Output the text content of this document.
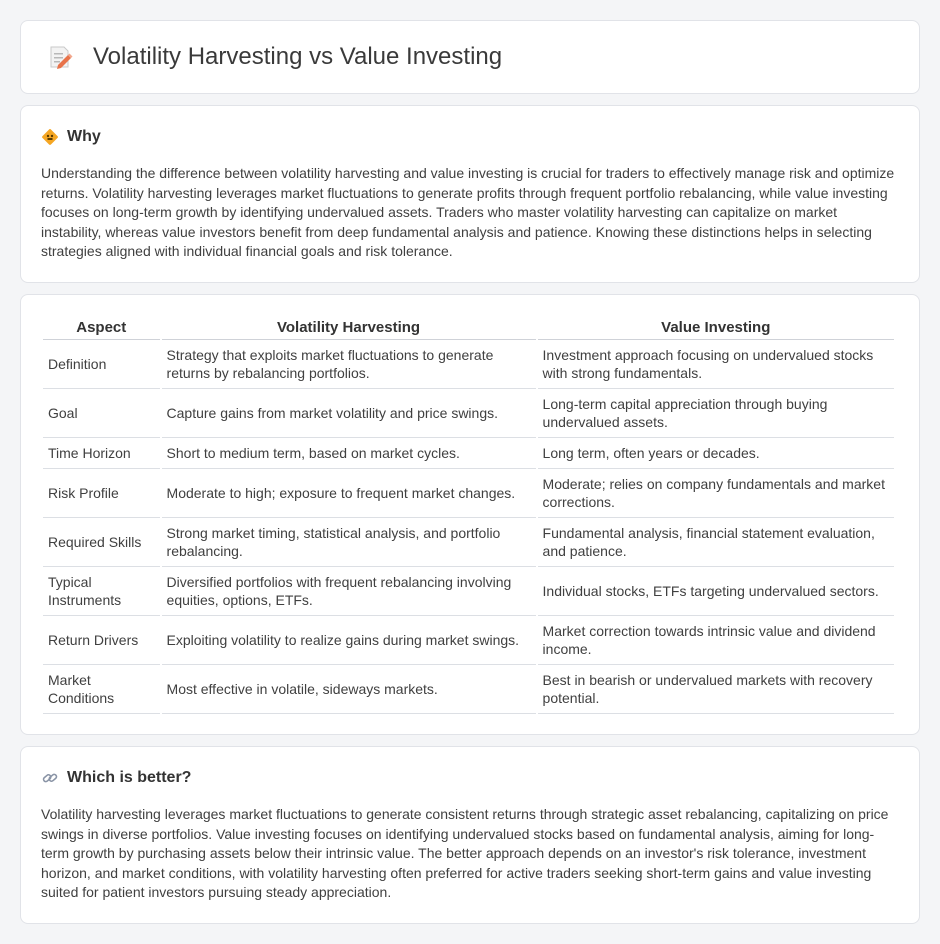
Volatility Harvesting vs Value Investing
Why

Understanding the difference between volatility harvesting and value investing is crucial for traders to effectively manage risk and optimize returns. Volatility harvesting leverages market fluctuations to generate profits through frequent portfolio rebalancing, while value investing focuses on long-term growth by identifying undervalued assets. Traders who master volatility harvesting can capitalize on market instability, whereas value investors benefit from deep fundamental analysis and patience. Knowing these distinctions helps in selecting strategies aligned with individual financial goals and risk tolerance.

Aspect	Volatility Harvesting	Value Investing
Definition	Strategy that exploits market fluctuations to generate returns by rebalancing portfolios.	Investment approach focusing on undervalued stocks with strong fundamentals.
Goal	Capture gains from market volatility and price swings.	Long-term capital appreciation through buying undervalued assets.
Time Horizon	Short to medium term, based on market cycles.	Long term, often years or decades.
Risk Profile	Moderate to high; exposure to frequent market changes.	Moderate; relies on company fundamentals and market corrections.
Required Skills	Strong market timing, statistical analysis, and portfolio rebalancing.	Fundamental analysis, financial statement evaluation, and patience.
Typical Instruments	Diversified portfolios with frequent rebalancing involving equities, options, ETFs.	Individual stocks, ETFs targeting undervalued sectors.
Return Drivers	Exploiting volatility to realize gains during market swings.	Market correction towards intrinsic value and dividend income.
Market Conditions	Most effective in volatile, sideways markets.	Best in bearish or undervalued markets with recovery potential.
Which is better?

Volatility harvesting leverages market fluctuations to generate consistent returns through strategic asset rebalancing, capitalizing on price swings in diverse portfolios. Value investing focuses on identifying undervalued stocks based on fundamental analysis, aiming for long-term growth by purchasing assets below their intrinsic value. The better approach depends on an investor's risk tolerance, investment horizon, and market conditions, with volatility harvesting often preferred for active traders seeking short-term gains and value investing suited for patient investors pursuing steady appreciation.
